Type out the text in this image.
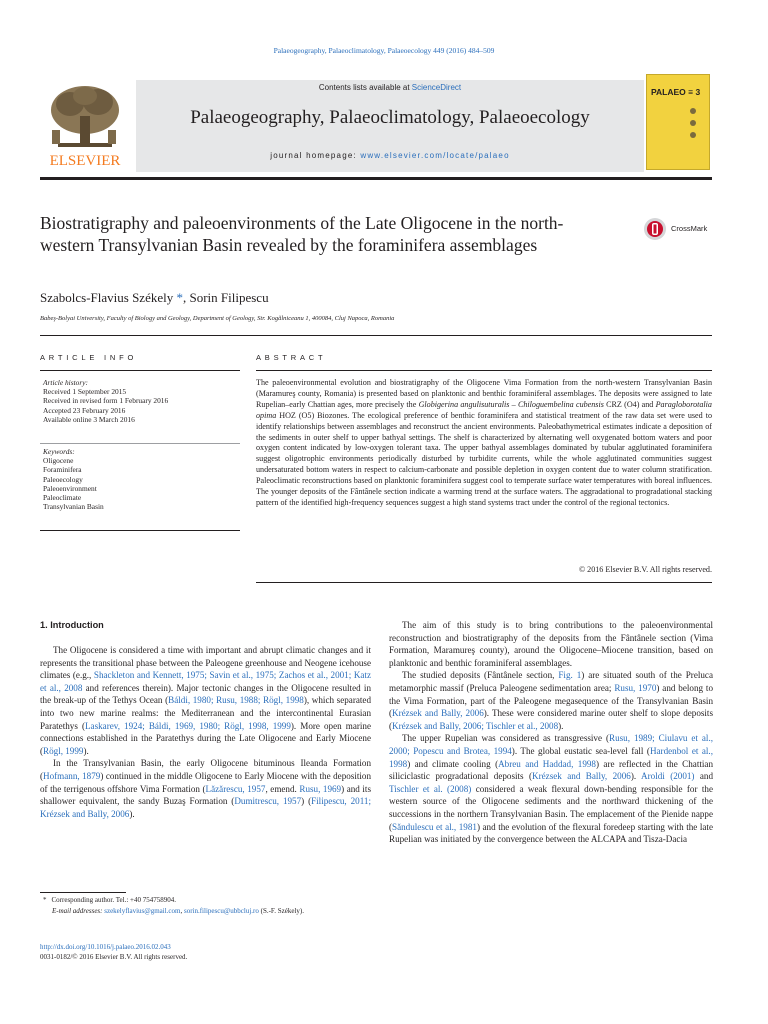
Palaeogeography, Palaeoclimatology, Palaeoecology 449 (2016) 484–509
ELSEVIER
Contents lists available at ScienceDirect
Palaeogeography, Palaeoclimatology, Palaeoecology
journal homepage: www.elsevier.com/locate/palaeo
PALAEO ≡ 3
Biostratigraphy and paleoenvironments of the Late Oligocene in the north-western Transylvanian Basin revealed by the foraminifera assemblages
CrossMark
Szabolcs-Flavius Székely *, Sorin Filipescu
Babeş-Bolyai University, Faculty of Biology and Geology, Department of Geology, Str. Kogălniceanu 1, 400084, Cluj Napoca, Romania
ARTICLE INFO	ABSTRACT
Article history:
Received 1 September 2015
Received in revised form 1 February 2016
Accepted 23 February 2016
Available online 3 March 2016
Keywords:
Oligocene
Foraminifera
Paleoecology
Paleoenvironment
Paleoclimate
Transylvanian Basin
The paleoenvironmental evolution and biostratigraphy of the Oligocene Vima Formation from the north-western Transylvanian Basin (Maramureş county, Romania) is presented based on planktonic and benthic foraminiferal assemblages. The deposits were assigned to late Rupelian–early Chattian ages, more precisely the Globigerina angulisuturalis – Chiloguembelina cubensis CRZ (O4) and Paragloborotalia opima HOZ (O5) Biozones. The ecological preference of benthic foraminifera and statistical treatment of the raw data set were used to identify relationships between assemblages and reconstruct the ancient environments. Paleobathymetrical estimates indicate a deposition of the sediments in outer shelf to upper bathyal settings. The shelf is characterized by alternating well oxygenated bottom waters and poor oxygen content indicated by low-oxygen tolerant taxa. The upper bathyal assemblages dominated by tubular agglutinated foraminifera suggest oligotrophic environments periodically disturbed by turbidite currents, while the whole agglutinated communities suggest undersaturated bottom waters in respect to calcium-carbonate and possible depletion in oxygen content due to water column stratification. Paleoclimatic reconstructions based on planktonic foraminifera suggest cool to temperate surface water temperatures with boreal influences. The younger deposits of the Fântânele section indicate a warming trend at the surface waters. The aggradational to progradational stacking pattern of the identified high-frequency sequences suggest a high stand systems tract under the control of the regional tectonics.
© 2016 Elsevier B.V. All rights reserved.
1. Introduction

The Oligocene is considered a time with important and abrupt climatic changes and it represents the transitional phase between the Paleogene greenhouse and Neogene icehouse climates (e.g., Shackleton and Kennett, 1975; Savin et al., 1975; Zachos et al., 2001; Katz et al., 2008 and references therein). Major tectonic changes in the Oligocene resulted in the break-up of the Tethys Ocean (Báldi, 1980; Rusu, 1988; Rögl, 1998), which separated into two new marine realms: the Mediterranean and the intercontinental Eurasian Paratethys (Laskarev, 1924; Báldi, 1969, 1980; Rögl, 1998, 1999). More open marine connections established in the Paratethys during the Late Oligocene and Early Miocene (Rögl, 1999).

In the Transylvanian Basin, the early Oligocene bituminous Ileanda Formation (Hofmann, 1879) continued in the middle Oligocene to Early Miocene with the deposition of the terrigenous offshore Vima Formation (Lăzărescu, 1957, emend. Rusu, 1969) and its shallower equivalent, the sandy Buzaş Formation (Dumitrescu, 1957) (Filipescu, 2011; Krézsek and Bally, 2006).

The aim of this study is to bring contributions to the paleoenvironmental reconstruction and biostratigraphy of the deposits from the Fântânele section (Vima Formation, Maramureş county), around the Oligocene–Miocene transition, based on planktonic and benthic foraminiferal assemblages.

The studied deposits (Fântânele section, Fig. 1) are situated south of the Preluca metamorphic massif (Preluca Paleogene sedimentation area; Rusu, 1970) and belong to the Vima Formation, part of the Paleogene megasequence of the Transylvanian Basin (Krézsek and Bally, 2006). These were considered marine outer shelf to slope deposits (Krézsek and Bally, 2006; Tischler et al., 2008).

The upper Rupelian was considered as transgressive (Rusu, 1989; Ciulavu et al., 2000; Popescu and Brotea, 1994). The global eustatic sea-level fall (Hardenbol et al., 1998) and climate cooling (Abreu and Haddad, 1998) are reflected in the Chattian siliciclastic progradational deposits (Krézsek and Bally, 2006). Aroldi (2001) and Tischler et al. (2008) considered a weak flexural down-bending responsible for the western source of the Oligocene sediments and the northward thickening of the successions in the northern Transylvanian Basin. The emplacement of the Pienide nappe (Săndulescu et al., 1981) and the evolution of the flexural foredeep starting with the late Rupelian was initiated by the convergence between the ALCAPA and Tisza-Dacia

* Corresponding author. Tel.: +40 754758904.
E-mail addresses: szekelyflavius@gmail.com, sorin.filipescu@ubbcluj.ro (S.-F. Székely).
http://dx.doi.org/10.1016/j.palaeo.2016.02.043
0031-0182/© 2016 Elsevier B.V. All rights reserved.
